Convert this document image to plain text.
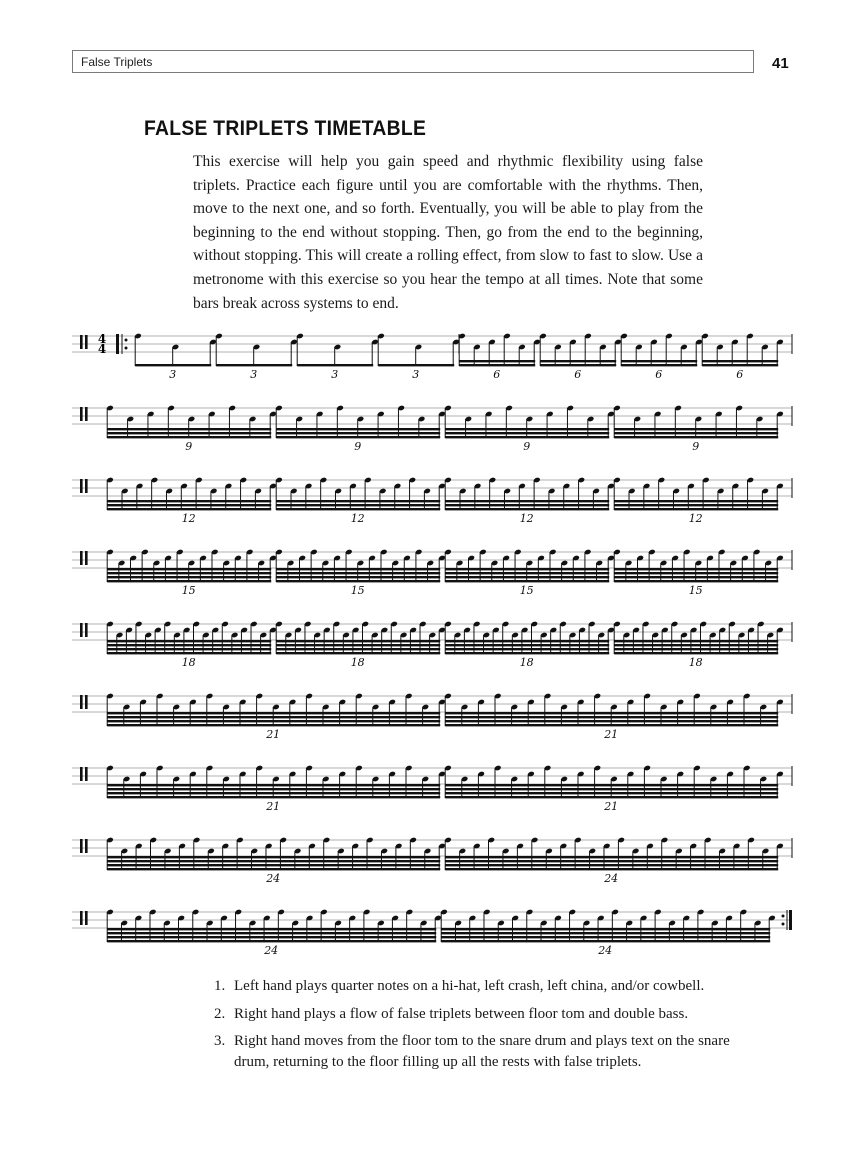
False Triplets	41
FALSE TRIPLETS TIMETABLE

This exercise will help you gain speed and rhythmic flexibility using false triplets. Practice each figure until you are comfortable with the rhythms. Then, move to the next one, and so forth. Eventually, you will be able to play from the beginning to the end without stopping. Then, go from the end to the beginning, without stopping. This will create a rolling effect, from slow to fast to slow. Use a metronome with this exercise so you hear the tempo at all times. Note that some bars break across systems to end.

4
4
3	3	3	3	6	6	6	6
9	9	9	9
12	12	12	12
15	15	15	15
18	18	18	18
21	21
21	21
24	24
24	24
1. Left hand plays quarter notes on a hi-hat, left crash, left china, and/or cowbell.
2. Right hand plays a flow of false triplets between floor tom and double bass.
3. Right hand moves from the floor tom to the snare drum and plays text on the snare drum, returning to the floor filling up all the rests with false triplets.
